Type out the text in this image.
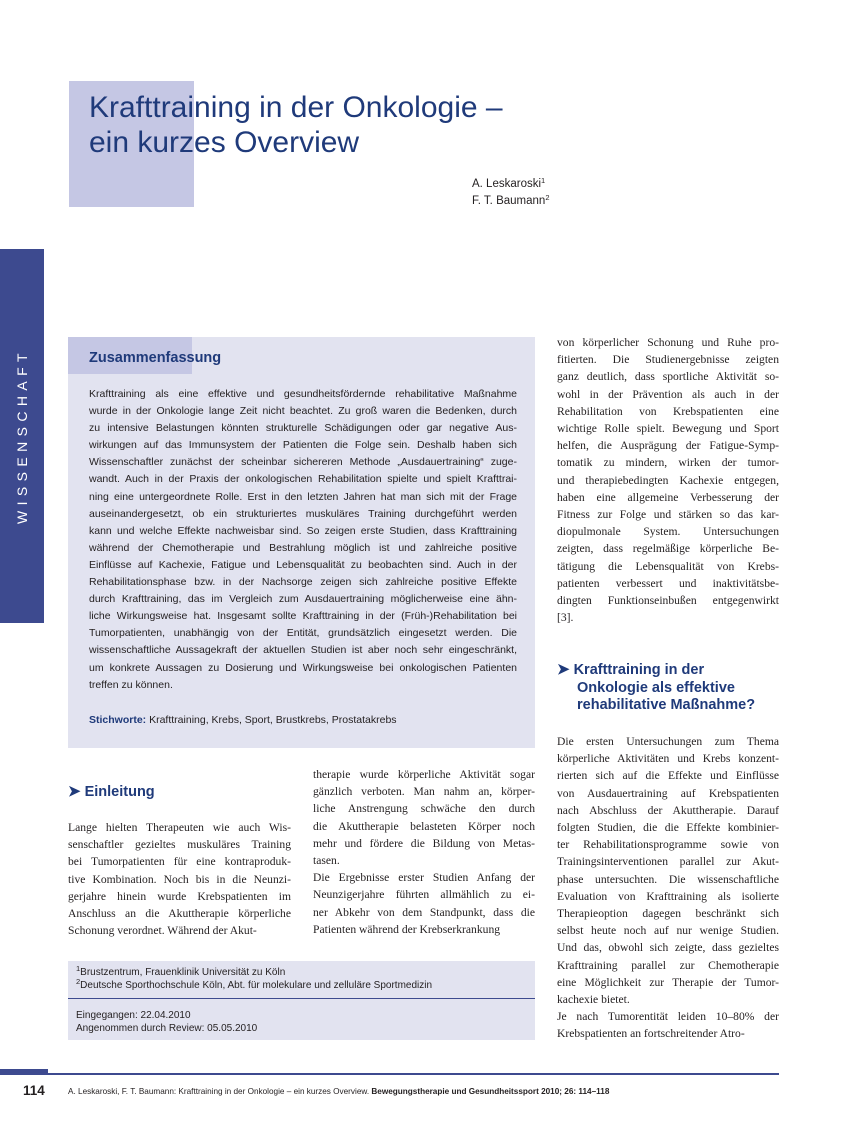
Krafttraining in der Onkologie –
ein kurzes Overview
A. Leskaroski$^1$
F. T. Baumann$^2$
WISSENSCHAFT	Zusammenfassung
Krafttraining als eine effektive und gesundheitsfördernde rehabilitative Maßnahme
wurde in der Onkologie lange Zeit nicht beachtet. Zu groß waren die Bedenken, durch
zu intensive Belastungen könnten strukturelle Schädigungen oder gar negative Aus-
wirkungen auf das Immunsystem der Patienten die Folge sein. Deshalb haben sich
Wissenschaftler zunächst der scheinbar sichereren Methode „Ausdauertraining“ zuge-
wandt. Auch in der Praxis der onkologischen Rehabilitation spielte und spielt Krafttrai-
ning eine untergeordnete Rolle. Erst in den letzten Jahren hat man sich mit der Frage
auseinandergesetzt, ob ein strukturiertes muskuläres Training durchgeführt werden
kann und welche Effekte nachweisbar sind. So zeigen erste Studien, dass Krafttraining
während der Chemotherapie und Bestrahlung möglich ist und zahlreiche positive
Einflüsse auf Kachexie, Fatigue und Lebensqualität zu beobachten sind. Auch in der
Rehabilitationsphase bzw. in der Nachsorge zeigen sich zahlreiche positive Effekte
durch Krafttraining, das im Vergleich zum Ausdauertraining möglicherweise eine ähn-
liche Wirkungsweise hat. Insgesamt sollte Krafttraining in der (Früh-)Rehabilitation bei
Tumorpatienten, unabhängig von der Entität, grundsätzlich eingesetzt werden. Die
wissenschaftliche Aussagekraft der aktuellen Studien ist aber noch sehr eingeschränkt,
um konkrete Aussagen zu Dosierung und Wirkungsweise bei onkologischen Patienten
treffen zu können.
Stichworte: Krafttraining, Krebs, Sport, Brustkrebs, Prostatakrebs
➤ Einleitung
Lange hielten Therapeuten wie auch Wis-
senschaftler gezieltes muskuläres Training
bei Tumorpatienten für eine kontraproduk-
tive Kombination. Noch bis in die Neunzi-
gerjahre hinein wurde Krebspatienten im
Anschluss an die Akuttherapie körperliche
Schonung verordnet. Während der Akut-
therapie wurde körperliche Aktivität sogar
gänzlich verboten. Man nahm an, körper-
liche Anstrengung schwäche den durch
die Akuttherapie belasteten Körper noch
mehr und fördere die Bildung von Metas-
tasen.
Die Ergebnisse erster Studien Anfang der
Neunzigerjahre führten allmählich zu ei-
ner Abkehr von dem Standpunkt, dass die
Patienten während der Krebserkrankung
von körperlicher Schonung und Ruhe pro-
fitierten. Die Studienergebnisse zeigten
ganz deutlich, dass sportliche Aktivität so-
wohl in der Prävention als auch in der
Rehabilitation von Krebspatienten eine
wichtige Rolle spielt. Bewegung und Sport
helfen, die Ausprägung der Fatigue-Symp-
tomatik zu mindern, wirken der tumor-
und therapiebedingten Kachexie entgegen,
haben eine allgemeine Verbesserung der
Fitness zur Folge und stärken so das kar-
diopulmonale System. Untersuchungen
zeigten, dass regelmäßige körperliche Be-
tätigung die Lebensqualität von Krebs-
patienten verbessert und inaktivitätsbe-
dingten Funktionseinbußen entgegenwirkt
[3].
➤ Krafttraining in der
Onkologie als effektive
rehabilitative Maßnahme?
Die ersten Untersuchungen zum Thema
körperliche Aktivitäten und Krebs konzent-
rierten sich auf die Effekte und Einflüsse
von Ausdauertraining auf Krebspatienten
nach Abschluss der Akuttherapie. Darauf
folgten Studien, die die Effekte kombinier-
ter Rehabilitationsprogramme sowie von
Trainingsinterventionen parallel zur Akut-
phase untersuchten. Die wissenschaftliche
Evaluation von Krafttraining als isolierte
Therapieoption dagegen beschränkt sich
selbst heute noch auf nur wenige Studien.
Und das, obwohl sich zeigte, dass gezieltes
Krafttraining parallel zur Chemotherapie
eine Möglichkeit zur Therapie der Tumor-
kachexie bietet.
Je nach Tumorentität leiden 10–80% der
Krebspatienten an fortschreitender Atro-
$^1$Brustzentrum, Frauenklinik Universität zu Köln
$^2$Deutsche Sporthochschule Köln, Abt. für molekulare und zelluläre Sportmedizin
Eingegangen: 22.04.2010
Angenommen durch Review: 05.05.2010
114	A. Leskaroski, F. T. Baumann: Krafttraining in der Onkologie – ein kurzes Overview. Bewegungstherapie und Gesundheitssport 2010; 26: 114–118
